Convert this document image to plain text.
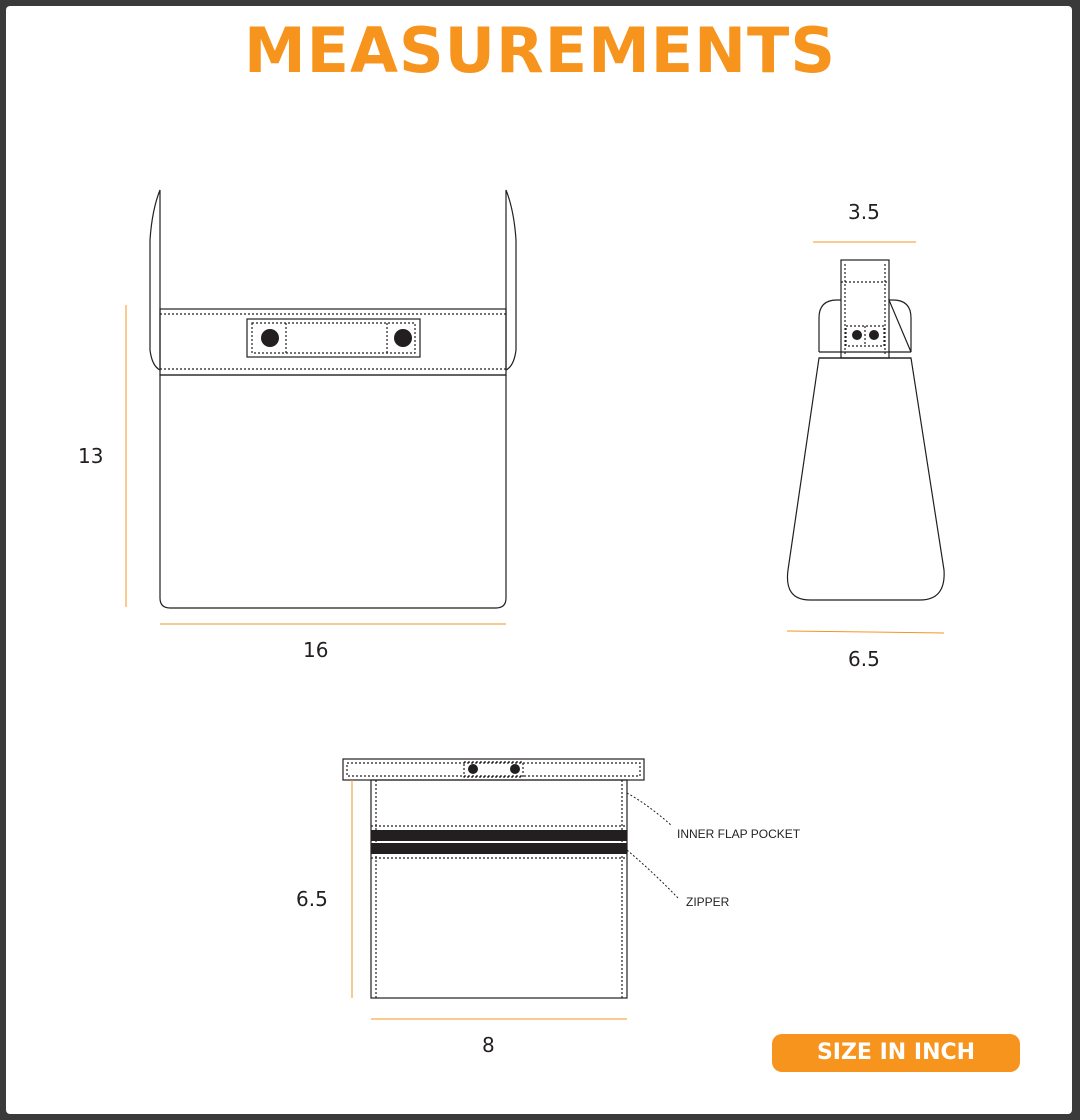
MEASUREMENTS
13
16
3.5
6.5
6.5
8
INNER FLAP POCKET
ZIPPER
SIZE IN INCH
